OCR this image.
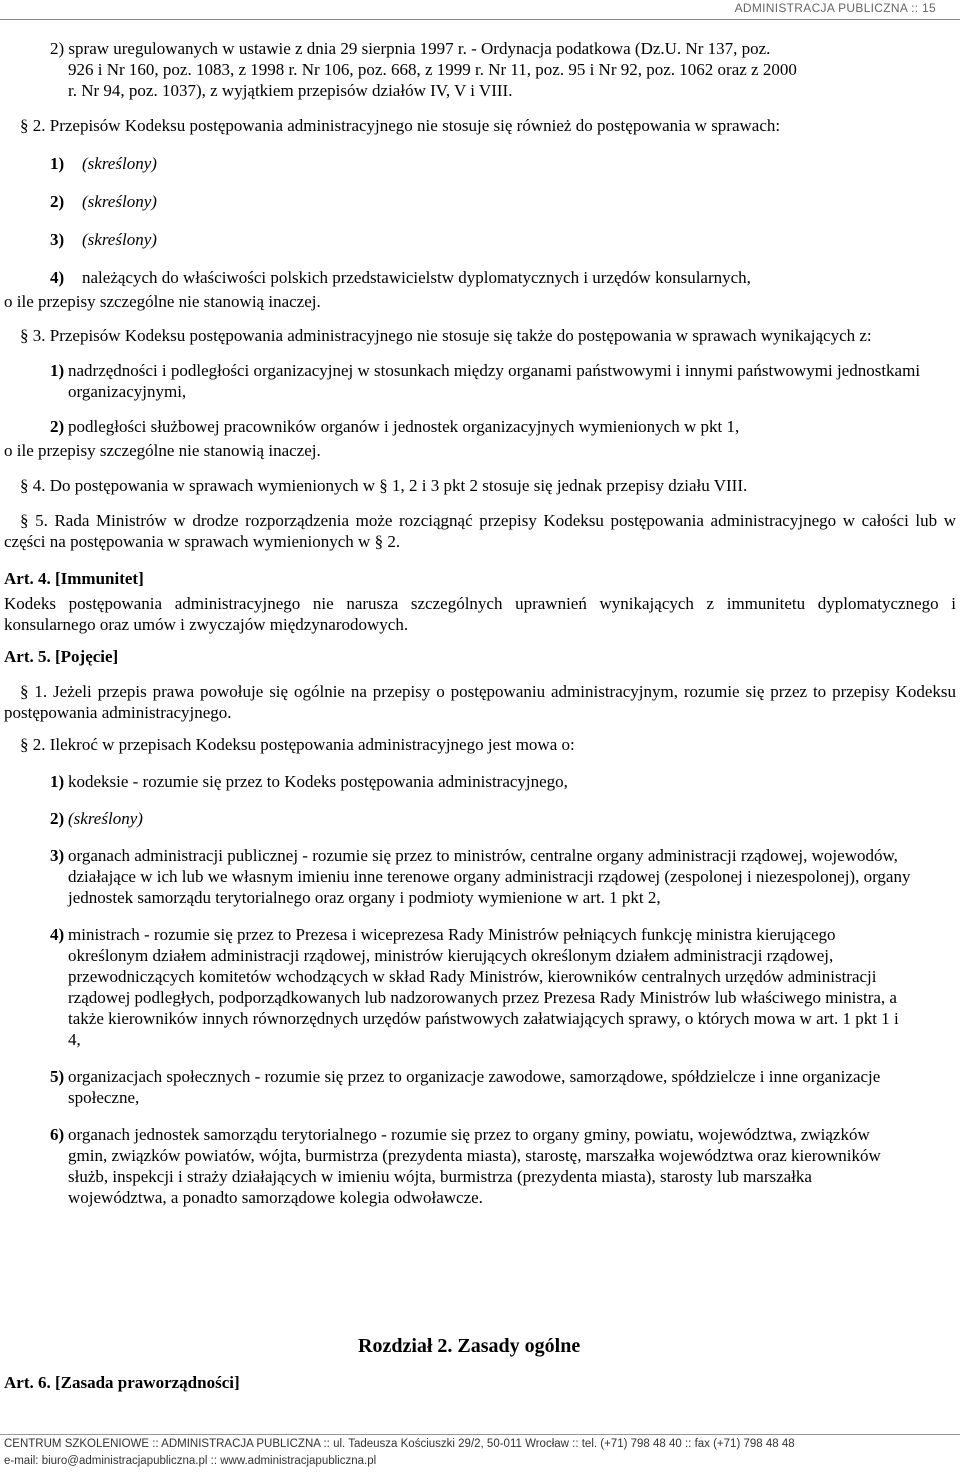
ADMINISTRACJA PUBLICZNA :: 15
2) spraw uregulowanych w ustawie z dnia 29 sierpnia 1997 r. - Ordynacja podatkowa (Dz.U. Nr 137, poz.
926 i Nr 160, poz. 1083, z 1998 r. Nr 106, poz. 668, z 1999 r. Nr 11, poz. 95 i Nr 92, poz. 1062 oraz z 2000
r. Nr 94, poz. 1037), z wyjątkiem przepisów działów IV, V i VIII.
§ 2. Przepisów Kodeksu postępowania administracyjnego nie stosuje się również do postępowania w sprawach:
1) (skreślony)
2) (skreślony)
3) (skreślony)
4) należących do właściwości polskich przedstawicielstw dyplomatycznych i urzędów konsularnych,
o ile przepisy szczególne nie stanowią inaczej.
§ 3. Przepisów Kodeksu postępowania administracyjnego nie stosuje się także do postępowania w sprawach wynikających z:
1) nadrzędności i podległości organizacyjnej w stosunkach między organami państwowymi i innymi państwowymi jednostkami organizacyjnymi,
2) podległości służbowej pracowników organów i jednostek organizacyjnych wymienionych w pkt 1,
o ile przepisy szczególne nie stanowią inaczej.
§ 4. Do postępowania w sprawach wymienionych w § 1, 2 i 3 pkt 2 stosuje się jednak przepisy działu VIII.
§ 5. Rada Ministrów w drodze rozporządzenia może rozciągnąć przepisy Kodeksu postępowania administracyjnego w całości lub w części na postępowania w sprawach wymienionych w § 2.
Art. 4. [Immunitet]
Kodeks postępowania administracyjnego nie narusza szczególnych uprawnień wynikających z immunitetu dyplomatycznego i konsularnego oraz umów i zwyczajów międzynarodowych.
Art. 5. [Pojęcie]
§ 1. Jeżeli przepis prawa powołuje się ogólnie na przepisy o postępowaniu administracyjnym, rozumie się przez to przepisy Kodeksu postępowania administracyjnego.
§ 2. Ilekroć w przepisach Kodeksu postępowania administracyjnego jest mowa o:
1) kodeksie - rozumie się przez to Kodeks postępowania administracyjnego,
2) (skreślony)
3) organach administracji publicznej - rozumie się przez to ministrów, centralne organy administracji rządowej, wojewodów, działające w ich lub we własnym imieniu inne terenowe organy administracji rządowej (zespolonej i niezespolonej), organy jednostek samorządu terytorialnego oraz organy i podmioty wymienione w art. 1 pkt 2,
4) ministrach - rozumie się przez to Prezesa i wiceprezesa Rady Ministrów pełniących funkcję ministra kierującego określonym działem administracji rządowej, ministrów kierujących określonym działem administracji rządowej, przewodniczących komitetów wchodzących w skład Rady Ministrów, kierowników centralnych urzędów administracji rządowej podległych, podporządkowanych lub nadzorowanych przez Prezesa Rady Ministrów lub właściwego ministra, a także kierowników innych równorzędnych urzędów państwowych załatwiających sprawy, o których mowa w art. 1 pkt 1 i 4,
5) organizacjach społecznych - rozumie się przez to organizacje zawodowe, samorządowe, spółdzielcze i inne organizacje społeczne,
6) organach jednostek samorządu terytorialnego - rozumie się przez to organy gminy, powiatu, województwa, związków gmin, związków powiatów, wójta, burmistrza (prezydenta miasta), starostę, marszałka województwa oraz kierowników służb, inspekcji i straży działających w imieniu wójta, burmistrza (prezydenta miasta), starosty lub marszałka województwa, a ponadto samorządowe kolegia odwoławcze.
Rozdział 2. Zasady ogólne
Art. 6. [Zasada praworządności]
CENTRUM SZKOLENIOWE :: ADMINISTRACJA PUBLICZNA :: ul. Tadeusza Kościuszki 29/2, 50-011 Wrocław :: tel. (+71) 798 48 40 :: fax (+71) 798 48 48
e-mail: biuro@administracjapubliczna.pl :: www.administracjapubliczna.pl
